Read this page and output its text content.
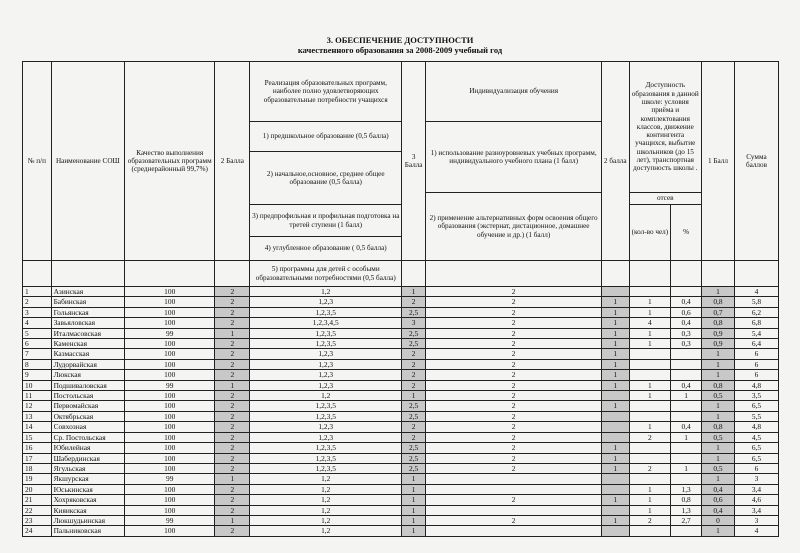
3. ОБЕСПЕЧЕНИЕ ДОСТУПНОСТИ
качественного образования за 2008-2009 учебный год
№ п/п	Наименование СОШ	Качество выполнения образовательных программ (среднерайонный 99,7%)	2 Балла	Реализация образовательных программ, наиболее полно удовлетворяющих образовательные потребности учащихся	3 Балла	Индивидуализация обучения	2 балла	Доступность образования в данной школе: условия приёма и комплектования классов, движение контингента учащихся, выбытие школьников (до 15 лет), транспортная доступность школы .		1 Балл	Сумма баллов
				1) предшкольное образование (0,5 балла)		1) использование разноуровневых учебных программ, индивидуального учебного плана (1 балл)					
				2) начальное,основное, среднее общее образование (0,5 балла)							
						2) применение альтернативных форм освоения общего образования (экстернат, дистационное, домашнее обучение и др.) (1 балл)		отсев			
				3) предпрофильная и профильная подготовка на третей ступени (1 балл)				(кол-во чел)	%		
				4) углубленное образование ( 0,5 балла)							
				5) программы для детей с особыми образовательными потребностями (0,5 балла)							
1	Азинская	100	2	1,2	1	2				1	4
2	Бабинская	100	2	1,2,3	2	2	1	1	0,4	0,8	5,8
3	Гольянская	100	2	1,2,3,5	2,5	2	1	1	0,6	0,7	6,2
4	Завьяловская	100	2	1,2,3,4,5	3	2	1	4	0,4	0,8	6,8
5	Италмасовская	99	1	1,2,3,5	2,5	2	1	1	0,3	0,9	5,4
6	Каменская	100	2	1,2,3,5	2,5	2	1	1	0,3	0,9	6,4
7	Казмасская	100	2	1,2,3	2	2	1			1	6
8	Лудорвайская	100	2	1,2,3	2	2	1			1	6
9	Люкская	100	2	1,2,3	2	2	1			1	6
10	Подшиваловская	99	1	1,2,3	2	2	1	1	0,4	0,8	4,8
11	Постольская	100	2	1,2	1	2		1	1	0,5	3,5
12	Первомайская	100	2	1,2,3,5	2,5	2	1			1	6,5
13	Октябрьская	100	2	1,2,3,5	2,5	2				1	5,5
14	Совхозная	100	2	1,2,3	2	2		1	0,4	0,8	4,8
15	Ср. Постольская	100	2	1,2,3	2	2		2	1	0,5	4,5
16	Юбилейная	100	2	1,2,3,5	2,5	2	1			1	6,5
17	Шабердинская	100	2	1,2,3,5	2,5	2	1			1	6,5
18	Ягульская	100	2	1,2,3,5	2,5	2	1	2	1	0,5	6
19	Якшурская	99	1	1,2	1					1	3
20	Юськинская	100	2	1,2	1			1	1,3	0,4	3,4
21	Хохряковская	100	2	1,2	1	2	1	1	0,8	0,6	4,6
22	Кияикская	100	2	1,2	1			1	1,3	0,4	3,4
23	Люкшудьинская	99	1	1,2	1	2	1	2	2,7	0	3
24	Пальниковская	100	2	1,2	1					1	4
